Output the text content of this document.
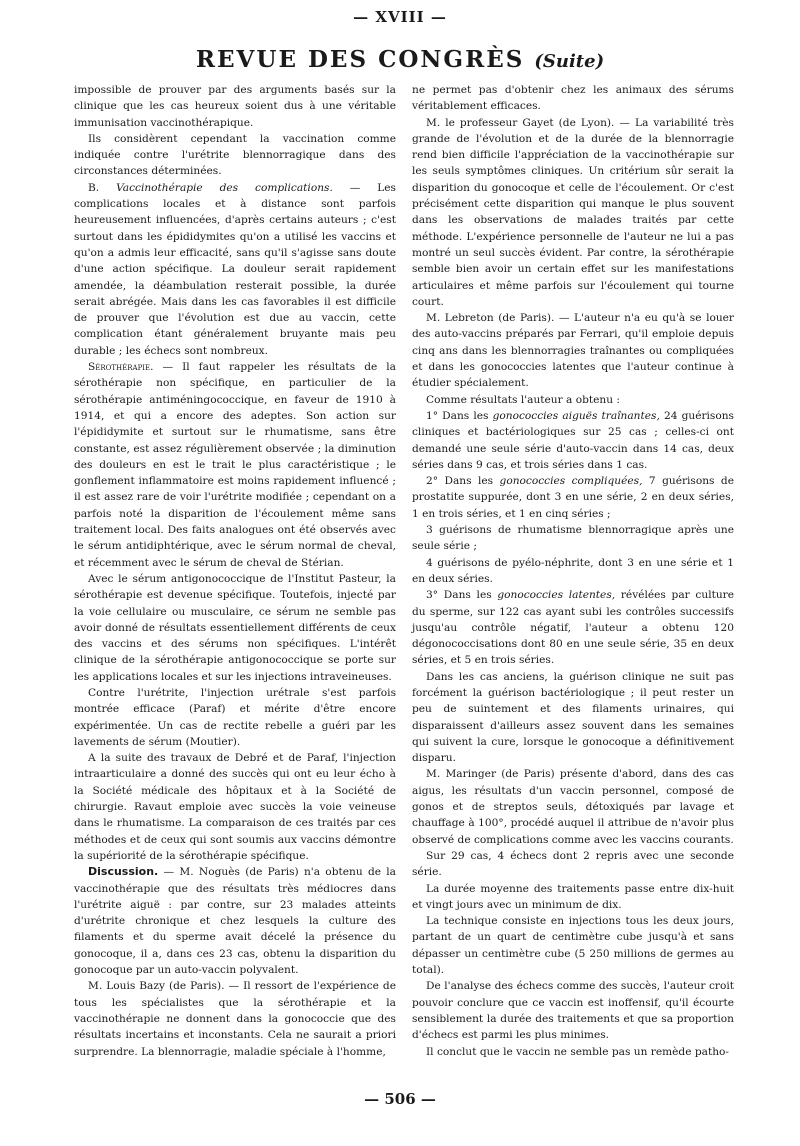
— XVIII —
REVUE DES CONGRÈS (Suite)

impossible de prouver par des arguments basés sur la clinique que les cas heureux soient dus à une véritable immunisation vaccinothérapique.

Ils considèrent cependant la vaccination comme indiquée contre l'urétrite blennorragique dans des circonstances déterminées.

B. Vaccinothérapie des complications. — Les complications locales et à distance sont parfois heureusement influencées, d'après certains auteurs ; c'est surtout dans les épididymites qu'on a utilisé les vaccins et qu'on a admis leur efficacité, sans qu'il s'agisse sans doute d'une action spécifique. La douleur serait rapidement amendée, la déambulation resterait possible, la durée serait abrégée. Mais dans les cas favorables il est difficile de prouver que l'évolution est due au vaccin, cette complication étant généralement bruyante mais peu durable ; les échecs sont nombreux.

Sérothérapie. — Il faut rappeler les résultats de la sérothérapie non spécifique, en particulier de la sérothérapie antiméningococcique, en faveur de 1910 à 1914, et qui a encore des adeptes. Son action sur l'épididymite et surtout sur le rhumatisme, sans être constante, est assez régulièrement observée ; la diminution des douleurs en est le trait le plus caractéristique ; le gonflement inflammatoire est moins rapidement influencé ; il est assez rare de voir l'urétrite modifiée ; cependant on a parfois noté la disparition de l'écoulement même sans traitement local. Des faits analogues ont été observés avec le sérum antidiphtérique, avec le sérum normal de cheval, et récemment avec le sérum de cheval de Stérian.

Avec le sérum antigonococcique de l'Institut Pasteur, la sérothérapie est devenue spécifique. Toutefois, injecté par la voie cellulaire ou musculaire, ce sérum ne semble pas avoir donné de résultats essentiellement différents de ceux des vaccins et des sérums non spécifiques. L'intérêt clinique de la sérothérapie antigonococcique se porte sur les applications locales et sur les injections intraveineuses.

Contre l'urétrite, l'injection urétrale s'est parfois montrée efficace (Paraf) et mérite d'être encore expérimentée. Un cas de rectite rebelle a guéri par les lavements de sérum (Moutier).

A la suite des travaux de Debré et de Paraf, l'injection intraarticulaire a donné des succès qui ont eu leur écho à la Société médicale des hôpitaux et à la Société de chirurgie. Ravaut emploie avec succès la voie veineuse dans le rhumatisme. La comparaison de ces traités par ces méthodes et de ceux qui sont soumis aux vaccins démontre la supériorité de la sérothérapie spécifique.

Discussion. — M. Noguès (de Paris) n'a obtenu de la vaccinothérapie que des résultats très médiocres dans l'urétrite aiguë : par contre, sur 23 malades atteints d'urétrite chronique et chez lesquels la culture des filaments et du sperme avait décelé la présence du gonocoque, il a, dans ces 23 cas, obtenu la disparition du gonocoque par un auto-vaccin polyvalent.

M. Louis Bazy (de Paris). — Il ressort de l'expérience de tous les spécialistes que la sérothérapie et la vaccinothérapie ne donnent dans la gonococcie que des résultats incertains et inconstants. Cela ne saurait a priori surprendre. La blennorragie, maladie spéciale à l'homme,

ne permet pas d'obtenir chez les animaux des sérums véritablement efficaces.

M. le professeur Gayet (de Lyon). — La variabilité très grande de l'évolution et de la durée de la blennorragie rend bien difficile l'appréciation de la vaccinothérapie sur les seuls symptômes cliniques. Un critérium sûr serait la disparition du gonocoque et celle de l'écoulement. Or c'est précisément cette disparition qui manque le plus souvent dans les observations de malades traités par cette méthode. L'expérience personnelle de l'auteur ne lui a pas montré un seul succès évident. Par contre, la sérothérapie semble bien avoir un certain effet sur les manifestations articulaires et même parfois sur l'écoulement qui tourne court.

M. Lebreton (de Paris). — L'auteur n'a eu qu'à se louer des auto-vaccins préparés par Ferrari, qu'il emploie depuis cinq ans dans les blennorragies traînantes ou compliquées et dans les gonococcies latentes que l'auteur continue à étudier spécialement.

Comme résultats l'auteur a obtenu :

1° Dans les gonococcies aiguës traînantes, 24 guérisons cliniques et bactériologiques sur 25 cas ; celles-ci ont demandé une seule série d'auto-vaccin dans 14 cas, deux séries dans 9 cas, et trois séries dans 1 cas.

2° Dans les gonococcies compliquées, 7 guérisons de prostatite suppurée, dont 3 en une série, 2 en deux séries, 1 en trois séries, et 1 en cinq séries ;

3 guérisons de rhumatisme blennorragique après une seule série ;

4 guérisons de pyélo-néphrite, dont 3 en une série et 1 en deux séries.

3° Dans les gonococcies latentes, révélées par culture du sperme, sur 122 cas ayant subi les contrôles successifs jusqu'au contrôle négatif, l'auteur a obtenu 120 dégonococcisations dont 80 en une seule série, 35 en deux séries, et 5 en trois séries.

Dans les cas anciens, la guérison clinique ne suit pas forcément la guérison bactériologique ; il peut rester un peu de suintement et des filaments urinaires, qui disparaissent d'ailleurs assez souvent dans les semaines qui suivent la cure, lorsque le gonocoque a définitivement disparu.

M. Maringer (de Paris) présente d'abord, dans des cas aigus, les résultats d'un vaccin personnel, composé de gonos et de streptos seuls, détoxiqués par lavage et chauffage à 100°, procédé auquel il attribue de n'avoir plus observé de complications comme avec les vaccins courants.

Sur 29 cas, 4 échecs dont 2 repris avec une seconde série.

La durée moyenne des traitements passe entre dix-huit et vingt jours avec un minimum de dix.

La technique consiste en injections tous les deux jours, partant de un quart de centimètre cube jusqu'à et sans dépasser un centimètre cube (5 250 millions de germes au total).

De l'analyse des échecs comme des succès, l'auteur croit pouvoir conclure que ce vaccin est inoffensif, qu'il écourte sensiblement la durée des traitements et que sa proportion d'échecs est parmi les plus minimes.

Il conclut que le vaccin ne semble pas un remède patho-

— 506 —
